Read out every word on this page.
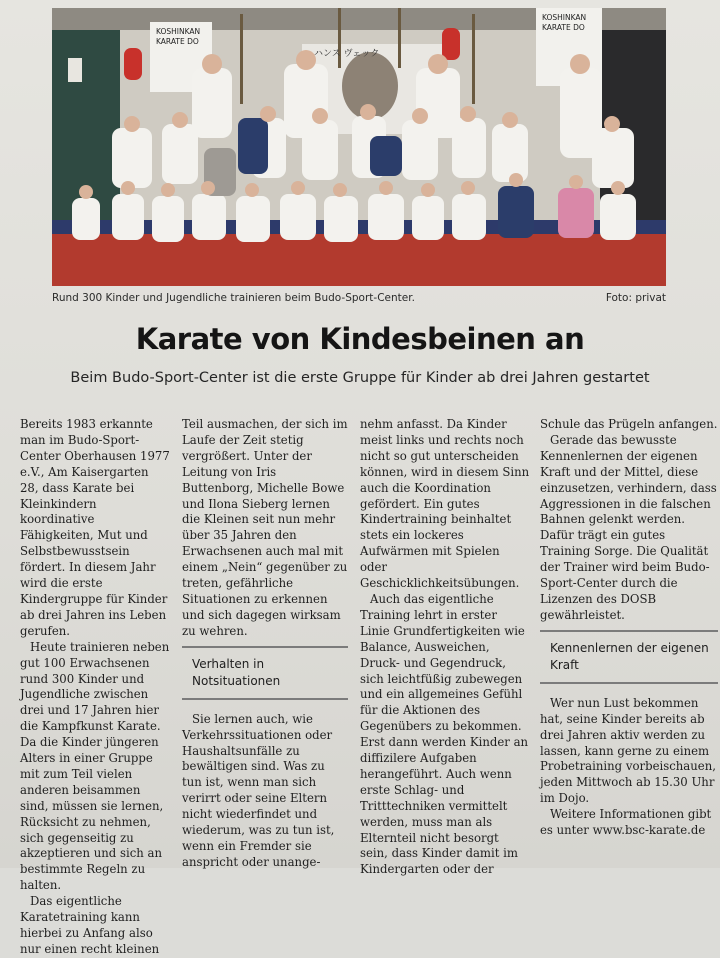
KOSHINKAN KARATE DO
KOSHINKAN KARATE DO
ハンス ヴェック
Rund 300 Kinder und Jugendliche trainieren beim Budo-Sport-Center.	Foto: privat
Karate von Kindesbeinen an
Beim Budo-Sport-Center ist die erste Gruppe für Kinder ab drei Jahren gestartet

Bereits 1983 erkannte man im Budo-Sport-Center Oberhausen 1977 e.V., Am Kaisergarten 28, dass Karate bei Kleinkindern koordinative Fähigkeiten, Mut und Selbstbewusstsein fördert. In diesem Jahr wird die erste Kindergruppe für Kinder ab drei Jahren ins Leben gerufen.

Heute trainieren neben gut 100 Erwachsenen rund 300 Kinder und Jugendliche zwischen drei und 17 Jahren hier die Kampfkunst Karate. Da die Kinder jüngeren Alters in einer Gruppe mit zum Teil vielen anderen beisammen sind, müssen sie lernen, Rücksicht zu nehmen, sich gegenseitig zu akzeptieren und sich an bestimmte Regeln zu halten.

Das eigentliche Karatetraining kann hierbei zu Anfang also nur einen recht kleinen

Teil ausmachen, der sich im Laufe der Zeit stetig vergrößert. Unter der Leitung von Iris Buttenborg, Michelle Bowe und Ilona Sieberg lernen die Kleinen seit nun mehr über 35 Jahren den Erwachsenen auch mal mit einem „Nein“ gegenüber zu treten, gefährliche Situationen zu erkennen und sich dagegen wirksam zu wehren.

Verhalten in Notsituationen

Sie lernen auch, wie Verkehrssituationen oder Haushaltsunfälle zu bewältigen sind. Was zu tun ist, wenn man sich verirrt oder seine Eltern nicht wiederfindet und wiederum, was zu tun ist, wenn ein Fremder sie anspricht oder unange-

nehm anfasst. Da Kinder meist links und rechts noch nicht so gut unterscheiden können, wird in diesem Sinn auch die Koordination gefördert. Ein gutes Kindertraining beinhaltet stets ein lockeres Aufwärmen mit Spielen oder Geschicklichkeitsübungen.

Auch das eigentliche Training lehrt in erster Linie Grundfertigkeiten wie Balance, Ausweichen, Druck- und Gegendruck, sich leichtfüßig zubewegen und ein allgemeines Gefühl für die Aktionen des Gegenübers zu bekommen. Erst dann werden Kinder an diffizilere Aufgaben herangeführt. Auch wenn erste Schlag- und Tritttechniken vermittelt werden, muss man als Elternteil nicht besorgt sein, dass Kinder damit im Kindergarten oder der

Schule das Prügeln anfangen.

Gerade das bewusste Kennenlernen der eigenen Kraft und der Mittel, diese einzusetzen, verhindern, dass Aggressionen in die falschen Bahnen gelenkt werden. Dafür trägt ein gutes Training Sorge. Die Qualität der Trainer wird beim Budo-Sport-Center durch die Lizenzen des DOSB gewährleistet.

Kennenlernen der eigenen Kraft

Wer nun Lust bekommen hat, seine Kinder bereits ab drei Jahren aktiv werden zu lassen, kann gerne zu einem Probetraining vorbeischauen, jeden Mittwoch ab 15.30 Uhr im Dojo.

Weitere Informationen gibt es unter www.bsc-karate.de
